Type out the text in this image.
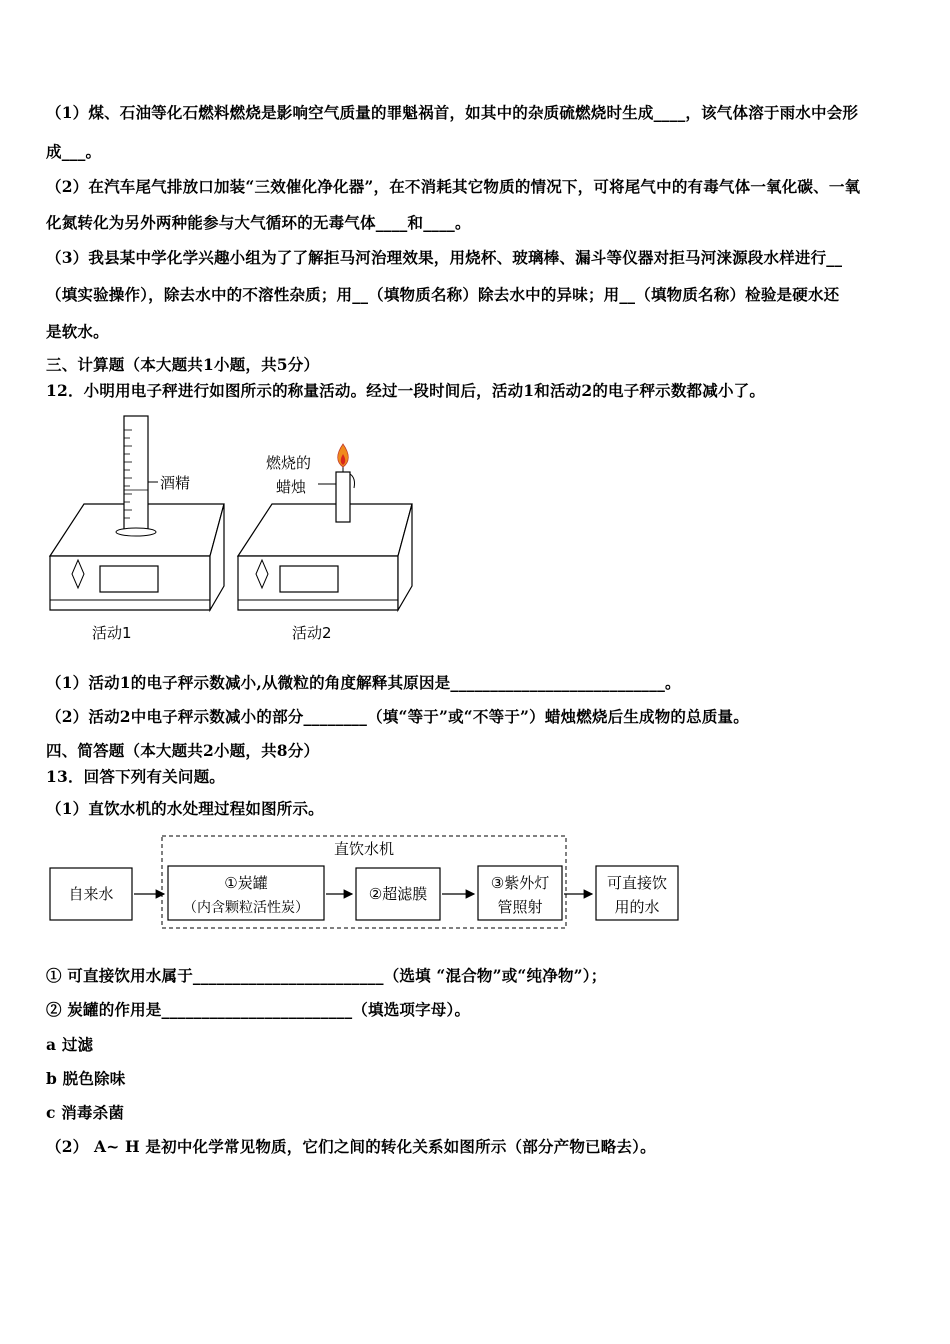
（1）煤、石油等化石燃料燃烧是影响空气质量的罪魁祸首，如其中的杂质硫燃烧时生成____，该气体溶于雨水中会形
成___。
（2）在汽车尾气排放口加装“三效催化净化器”，在不消耗其它物质的情况下，可将尾气中的有毒气体一氧化碳、一氧
化氮转化为另外两种能参与大气循环的无毒气体____和____。
（3）我县某中学化学兴趣小组为了了解拒马河治理效果，用烧杯、玻璃棒、漏斗等仪器对拒马河涞源段水样进行__
（填实验操作），除去水中的不溶性杂质；用__（填物质名称）除去水中的异味；用__（填物质名称）检验是硬水还
是软水。
三、计算题（本大题共1小题，共5分）
12．小明用电子秤进行如图所示的称量活动。经过一段时间后，活动1和活动2的电子秤示数都减小了。
酒精
燃烧的
蜡烛
活动1	活动2
（1）活动1的电子秤示数减小,从微粒的角度解释其原因是___________________________。
（2）活动2中电子秤示数减小的部分________（填“等于”或“不等于”）蜡烛燃烧后生成物的总质量。
四、简答题（本大题共2小题，共8分）
13．回答下列有关问题。
（1）直饮水机的水处理过程如图所示。
直饮水机
自来水
①炭罐
（内含颗粒活性炭）
②超滤膜
③紫外灯
管照射
可直接饮
用的水
① 可直接饮用水属于________________________（选填 “混合物”或“纯净物”）；
② 炭罐的作用是________________________（填选项字母）。
a 过滤
b 脱色除味
c 消毒杀菌
（2） A~ H 是初中化学常见物质，它们之间的转化关系如图所示（部分产物已略去）。
